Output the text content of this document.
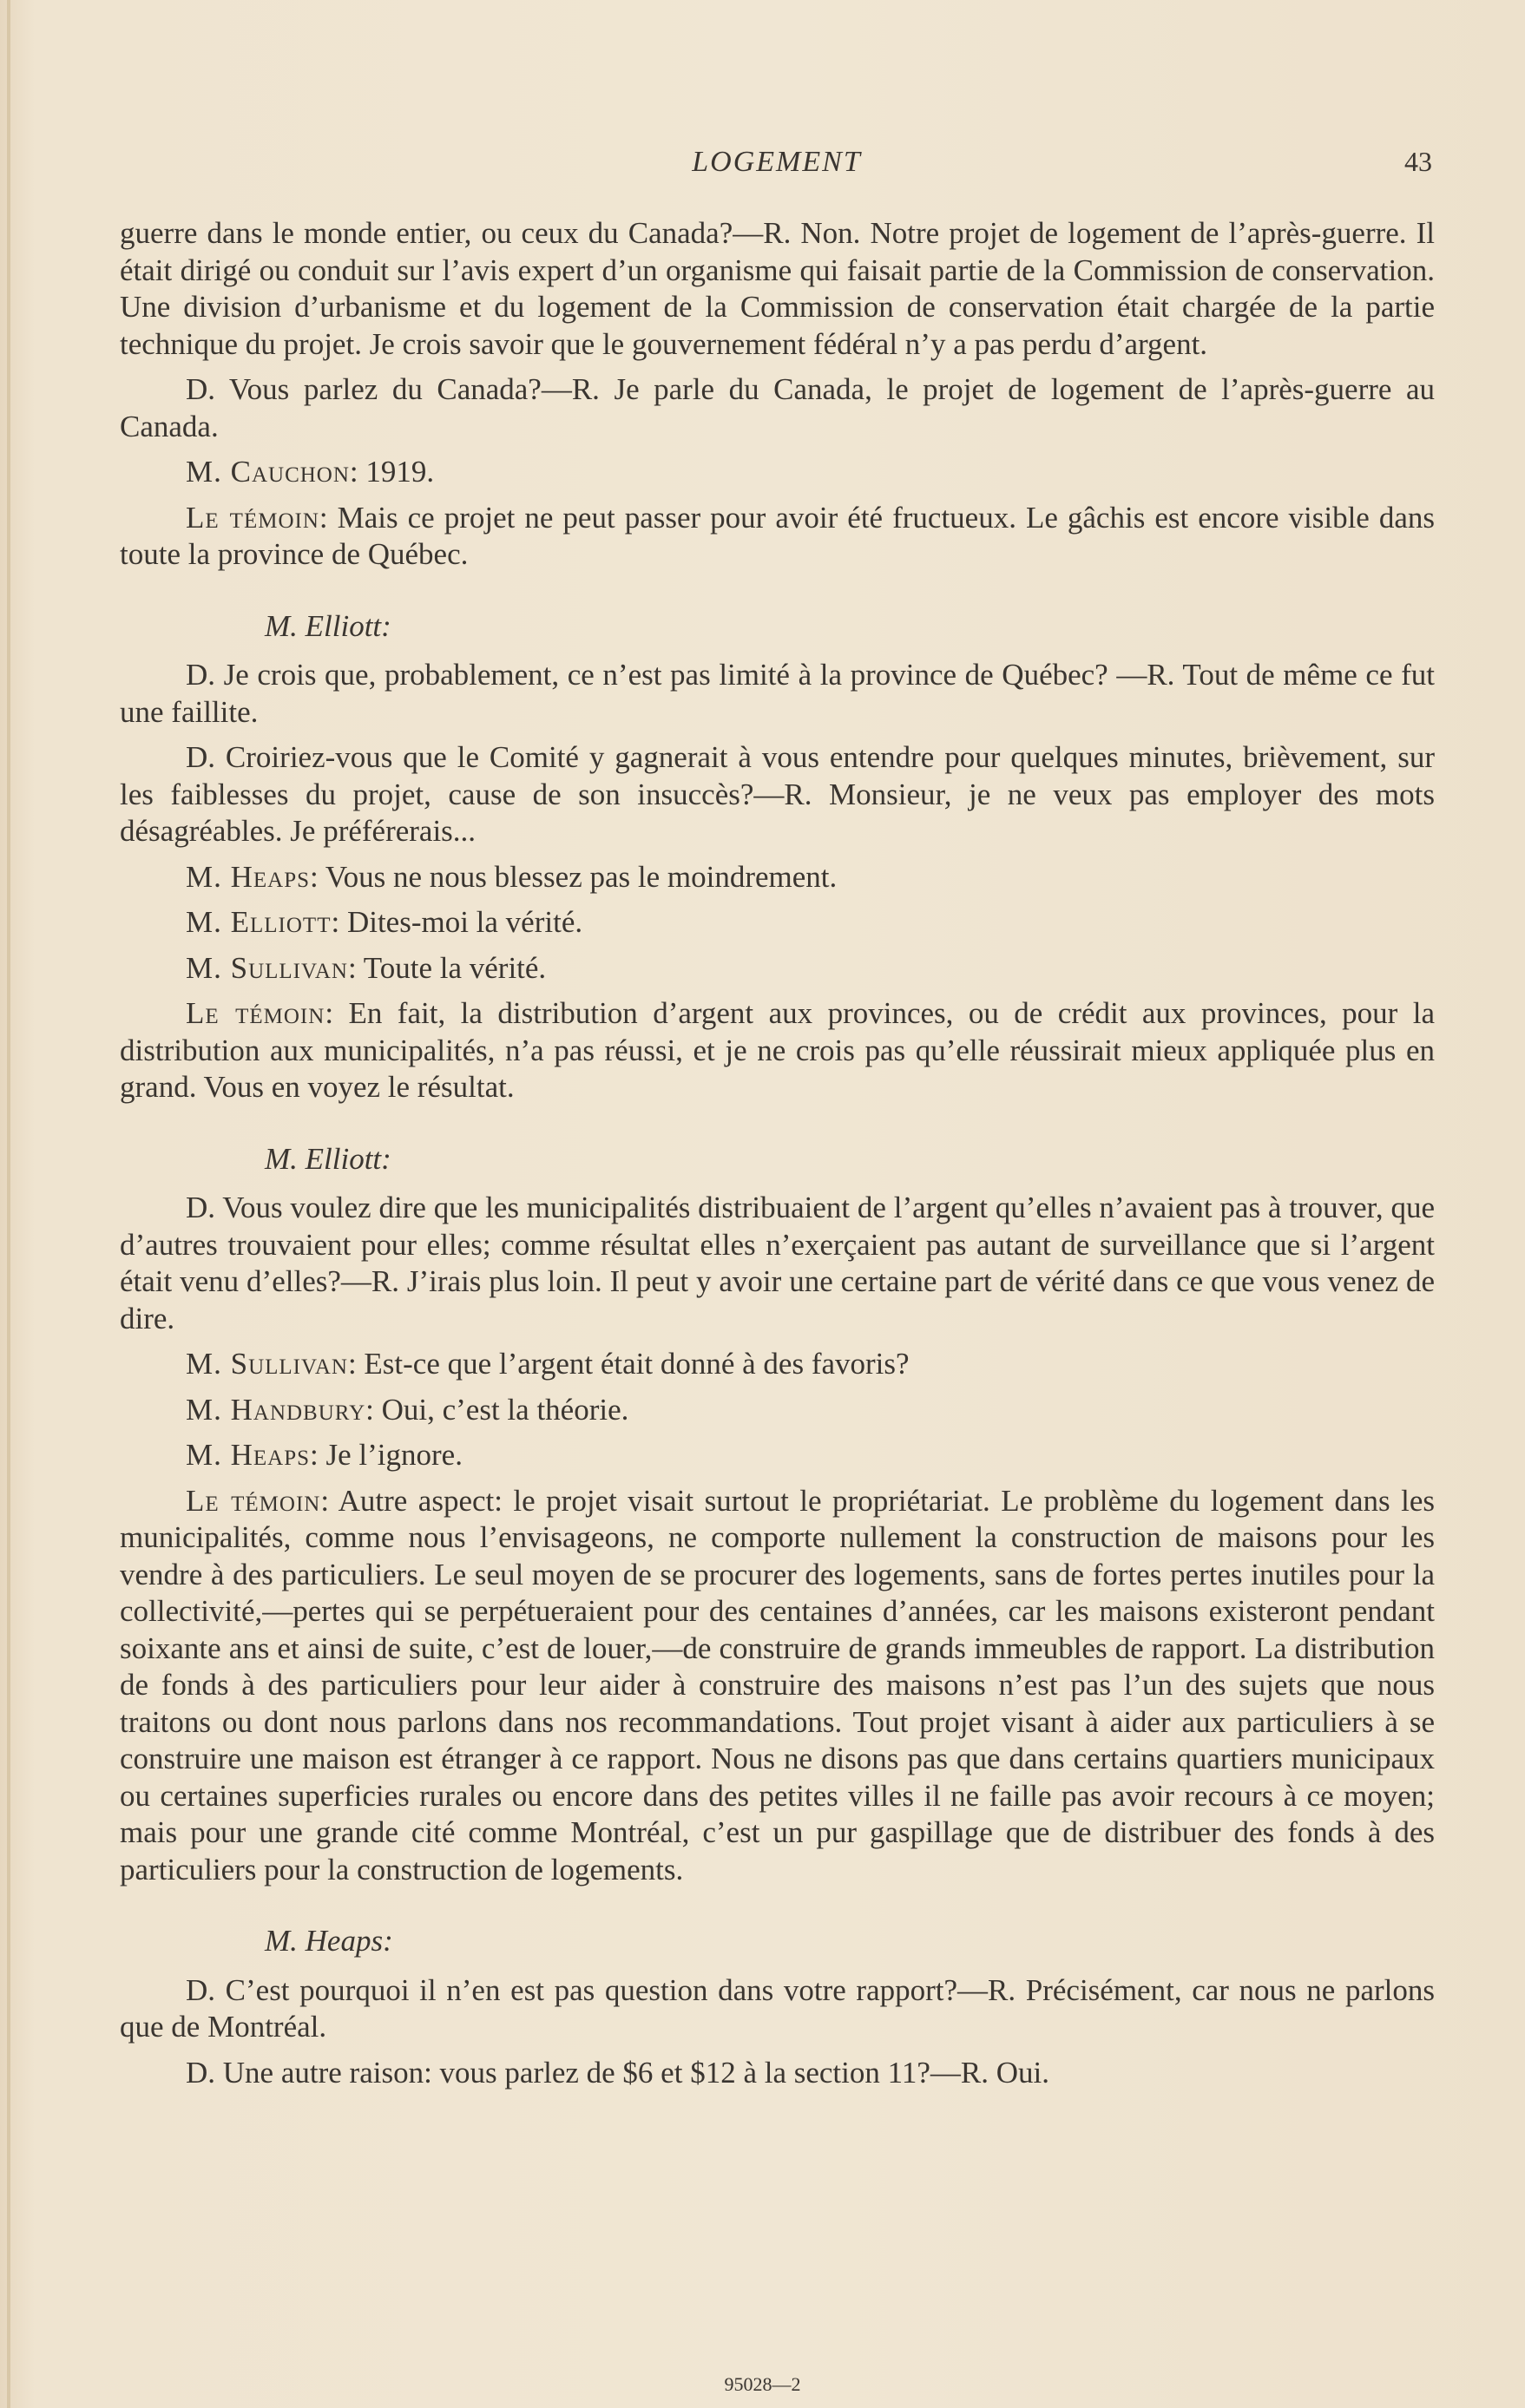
LOGEMENT	43

guerre dans le monde entier, ou ceux du Canada?—R. Non. Notre projet de logement de l’après-guerre. Il était dirigé ou conduit sur l’avis expert d’un organisme qui faisait partie de la Commission de conservation. Une division d’urbanisme et du logement de la Commission de conservation était chargée de la partie technique du projet. Je crois savoir que le gouvernement fédéral n’y a pas perdu d’argent.

D. Vous parlez du Canada?—R. Je parle du Canada, le projet de logement de l’après-guerre au Canada.

M. Cauchon: 1919.

Le témoin: Mais ce projet ne peut passer pour avoir été fructueux. Le gâchis est encore visible dans toute la province de Québec.

M. Elliott:

D. Je crois que, probablement, ce n’est pas limité à la province de Québec? —R. Tout de même ce fut une faillite.

D. Croiriez-vous que le Comité y gagnerait à vous entendre pour quelques minutes, brièvement, sur les faiblesses du projet, cause de son insuccès?—R. Monsieur, je ne veux pas employer des mots désagréables. Je préférerais...

M. Heaps: Vous ne nous blessez pas le moindrement.

M. Elliott: Dites-moi la vérité.

M. Sullivan: Toute la vérité.

Le témoin: En fait, la distribution d’argent aux provinces, ou de crédit aux provinces, pour la distribution aux municipalités, n’a pas réussi, et je ne crois pas qu’elle réussirait mieux appliquée plus en grand. Vous en voyez le résultat.

M. Elliott:

D. Vous voulez dire que les municipalités distribuaient de l’argent qu’elles n’avaient pas à trouver, que d’autres trouvaient pour elles; comme résultat elles n’exerçaient pas autant de surveillance que si l’argent était venu d’elles?—R. J’irais plus loin. Il peut y avoir une certaine part de vérité dans ce que vous venez de dire.

M. Sullivan: Est-ce que l’argent était donné à des favoris?

M. Handbury: Oui, c’est la théorie.

M. Heaps: Je l’ignore.

Le témoin: Autre aspect: le projet visait surtout le propriétariat. Le problème du logement dans les municipalités, comme nous l’envisageons, ne comporte nullement la construction de maisons pour les vendre à des particuliers. Le seul moyen de se procurer des logements, sans de fortes pertes inutiles pour la collectivité,—pertes qui se perpétueraient pour des centaines d’années, car les maisons existeront pendant soixante ans et ainsi de suite, c’est de louer,—de construire de grands immeubles de rapport. La distribution de fonds à des particuliers pour leur aider à construire des maisons n’est pas l’un des sujets que nous traitons ou dont nous parlons dans nos recommandations. Tout projet visant à aider aux particuliers à se construire une maison est étranger à ce rapport. Nous ne disons pas que dans certains quartiers municipaux ou certaines superficies rurales ou encore dans des petites villes il ne faille pas avoir recours à ce moyen; mais pour une grande cité comme Montréal, c’est un pur gaspillage que de distribuer des fonds à des particuliers pour la construction de logements.

M. Heaps:

D. C’est pourquoi il n’en est pas question dans votre rapport?—R. Précisément, car nous ne parlons que de Montréal.

D. Une autre raison: vous parlez de $6 et $12 à la section 11?—R. Oui.

95028—2
